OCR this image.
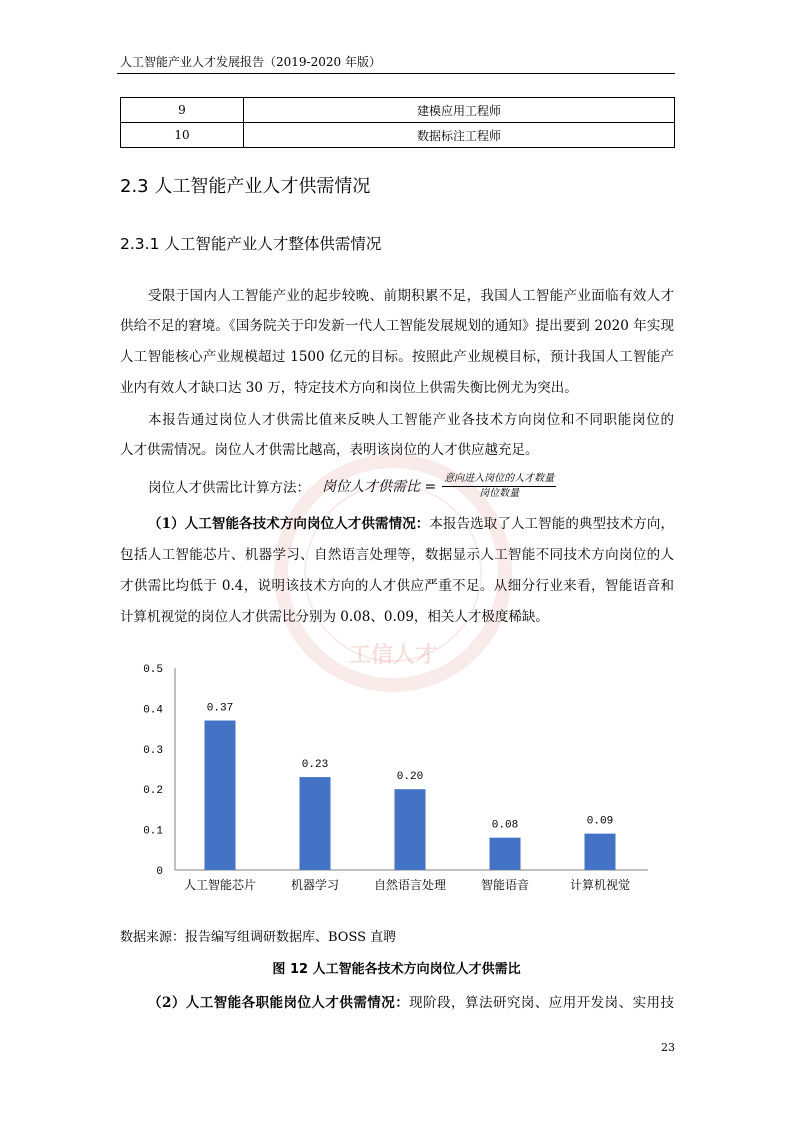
工信人才
人工智能产业人才发展报告（2019-2020 年版）
9	建模应用工程师
10	数据标注工程师
2.3 人工智能产业人才供需情况
2.3.1 人工智能产业人才整体供需情况
受限于国内人工智能产业的起步较晚、前期积累不足，我国人工智能产业面临有效人才
供给不足的窘境。《国务院关于印发新一代人工智能发展规划的通知》提出要到 2020 年实现
人工智能核心产业规模超过 1500 亿元的目标。按照此产业规模目标，预计我国人工智能产
业内有效人才缺口达 30 万，特定技术方向和岗位上供需失衡比例尤为突出。
本报告通过岗位人才供需比值来反映人工智能产业各技术方向岗位和不同职能岗位的
人才供需情况。岗位人才供需比越高，表明该岗位的人才供应越充足。
岗位人才供需比计算方法： 岗位人才供需比 = $\frac{\text{意向进入岗位的人才数量}}{\text{岗位数量}}$
（1）人工智能各技术方向岗位人才供需情况：本报告选取了人工智能的典型技术方向，
包括人工智能芯片、机器学习、自然语言处理等，数据显示人工智能不同技术方向岗位的人
才供需比均低于 0.4，说明该技术方向的人才供应严重不足。从细分行业来看，智能语音和
计算机视觉的岗位人才供需比分别为 0.08、0.09，相关人才极度稀缺。
0
0.1
0.2
0.3
0.4
0.5
0.37
人工智能芯片
0.23
机器学习
0.20
自然语言处理
0.08
智能语音
0.09
计算机视觉
数据来源：报告编写组调研数据库、BOSS 直聘
图 12 人工智能各技术方向岗位人才供需比
（2）人工智能各职能岗位人才供需情况：现阶段，算法研究岗、应用开发岗、实用技
23
